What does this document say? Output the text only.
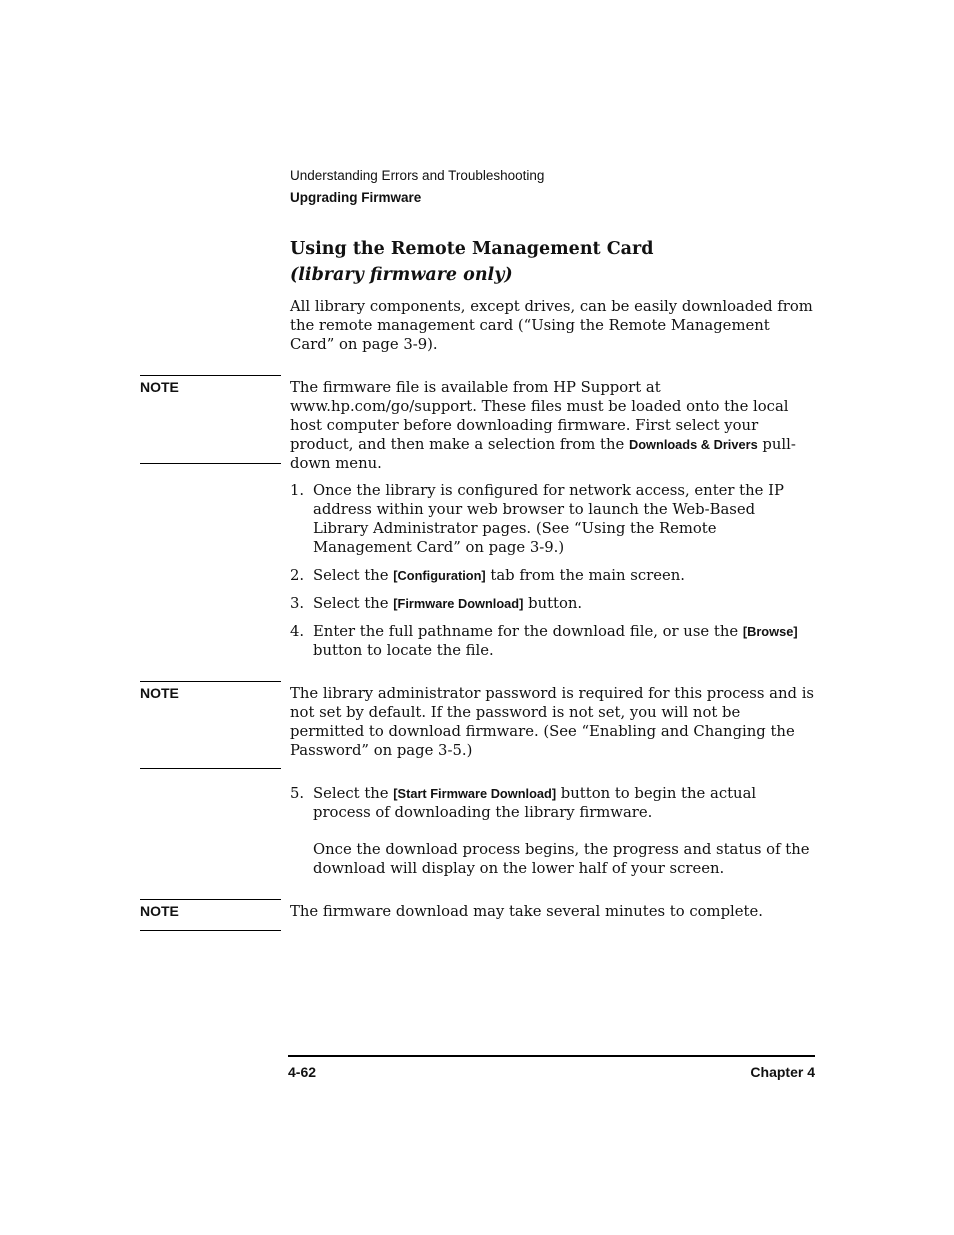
Understanding Errors and Troubleshooting
Upgrading Firmware
Using the Remote Management Card
(library firmware only)
All library components, except drives, can be easily downloaded from the remote management card (“Using the Remote Management Card” on page 3-9).
NOTE	The firmware file is available from HP Support at www.hp.com/go/support. These files must be loaded onto the local host computer before downloading firmware. First select your product, and then make a selection from the Downloads & Drivers pull-down menu.
1. Once the library is configured for network access, enter the IP address within your web browser to launch the Web-Based Library Administrator pages. (See “Using the Remote Management Card” on page 3-9.)
2. Select the [Configuration] tab from the main screen.
3. Select the [Firmware Download] button.
4. Enter the full pathname for the download file, or use the [Browse] button to locate the file.
NOTE	The library administrator password is required for this process and is not set by default. If the password is not set, you will not be permitted to download firmware. (See “Enabling and Changing the Password” on page 3-5.)
5. Select the [Start Firmware Download] button to begin the actual process of downloading the library firmware.
Once the download process begins, the progress and status of the download will display on the lower half of your screen.
NOTE	The firmware download may take several minutes to complete.
4-62	Chapter 4
